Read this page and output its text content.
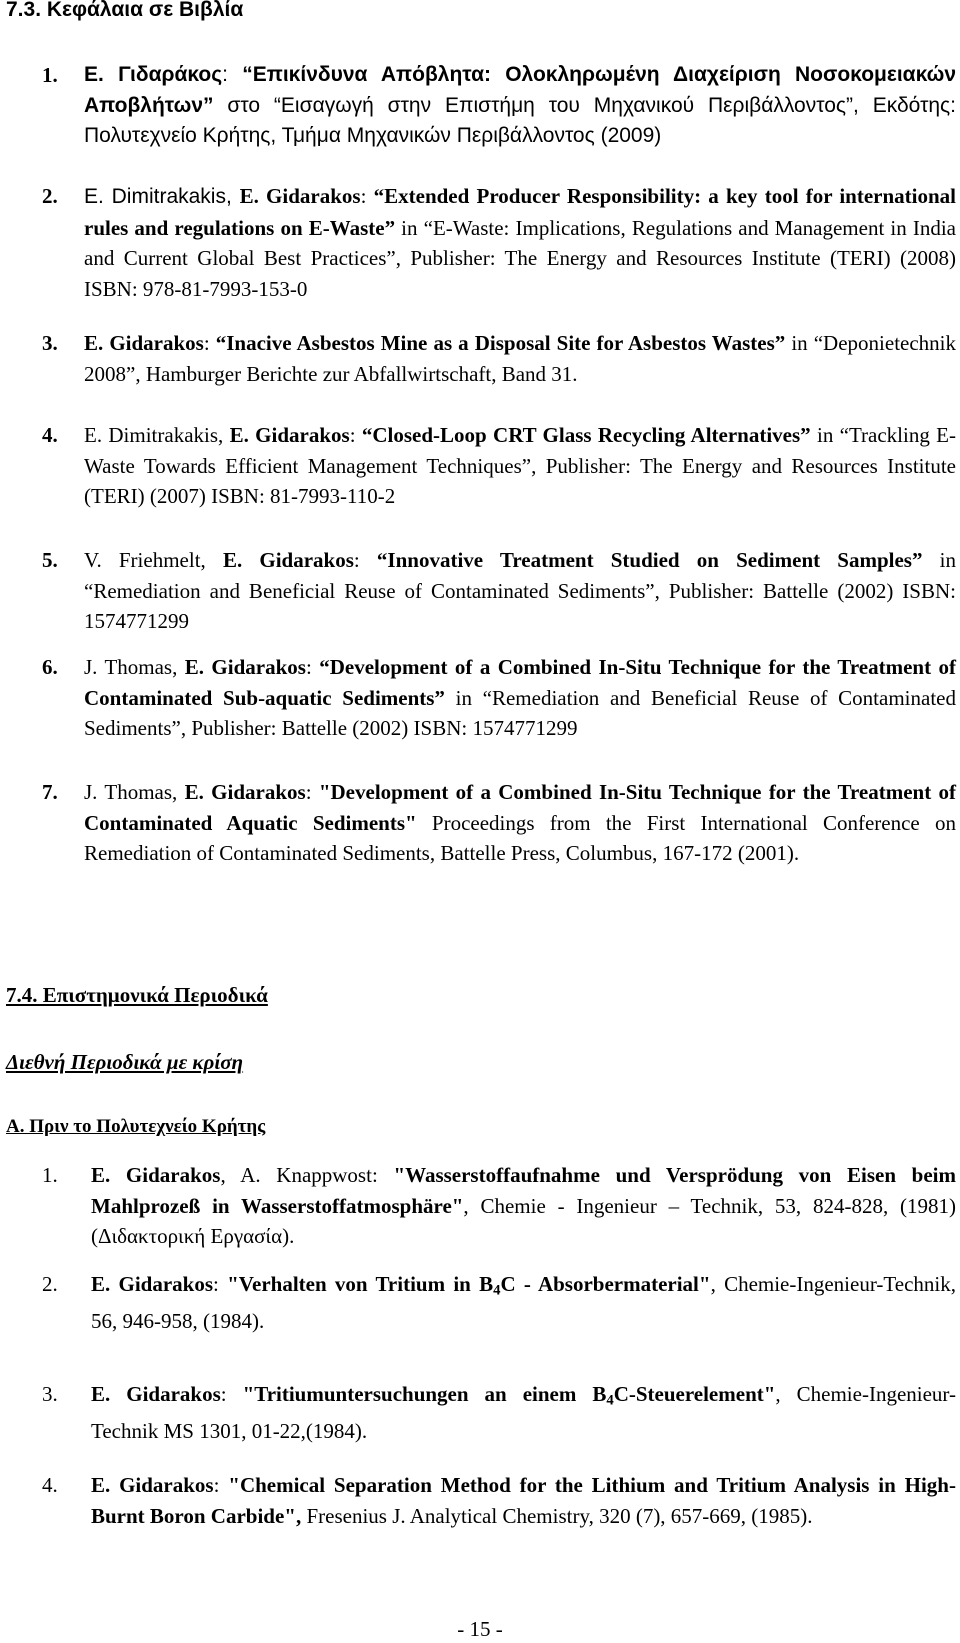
7.3. Κεφάλαια σε Βιβλία
1.	Ε. Γιδαράκος: “Επικίνδυνα Απόβλητα: Ολοκληρωμένη Διαχείριση Νοσοκομειακών Αποβλήτων” στο “Εισαγωγή στην Επιστήμη του Μηχανικού Περιβάλλοντος”, Εκδότης: Πολυτεχνείο Κρήτης, Τμήμα Μηχανικών Περιβάλλοντος (2009)
2.	E. Dimitrakakis, E. Gidarakos: “Extended Producer Responsibility: a key tool for international rules and regulations on E-Waste” in “E-Waste: Implications, Regulations and Management in India and Current Global Best Practices”, Publisher: The Energy and Resources Institute (TERI) (2008) ISBN: 978-81-7993-153-0
3.	E. Gidarakos: “Inacive Asbestos Mine as a Disposal Site for Asbestos Wastes” in “Deponietechnik 2008”, Hamburger Berichte zur Abfallwirtschaft, Band 31.
4.	E. Dimitrakakis, E. Gidarakos: “Closed-Loop CRT Glass Recycling Alternatives” in “Trackling E-Waste Towards Efficient Management Techniques”, Publisher: The Energy and Resources Institute (TERI) (2007) ISBN: 81-7993-110-2
5.	V. Friehmelt, E. Gidarakos: “Innovative Treatment Studied on Sediment Samples” in “Remediation and Beneficial Reuse of Contaminated Sediments”, Publisher: Battelle (2002) ISBN: 1574771299
6.	J. Thomas, E. Gidarakos: “Development of a Combined In-Situ Technique for the Treatment of Contaminated Sub-aquatic Sediments” in “Remediation and Beneficial Reuse of Contaminated Sediments”, Publisher: Battelle (2002) ISBN: 1574771299
7.	J. Thomas, E. Gidarakos: "Development of a Combined In-Situ Technique for the Treatment of Contaminated Aquatic Sediments" Proceedings from the First International Conference on Remediation of Contaminated Sediments, Battelle Press, Columbus, 167-172 (2001).
7.4. Επιστημονικά Περιοδικά
Διεθνή Περιοδικά με κρίση
Α. Πριν το Πολυτεχνείο Κρήτης
1.	E. Gidarakos, A. Knappwost: "Wasserstoffaufnahme und Versprödung von Eisen beim Mahlprozeß in Wasserstoffatmosphäre", Chemie - Ingenieur – Technik, 53, 824-828, (1981) (Διδακτορική Εργασία).
2.	E. Gidarakos: "Verhalten von Tritium in $B_4C$ - Absorbermaterial", Chemie-Ingenieur-Technik, 56, 946-958, (1984).
3.	E. Gidarakos: "Tritiumuntersuchungen an einem $B_4C$-Steuerelement", Chemie-Ingenieur-Technik MS 1301, 01-22,(1984).
4.	E. Gidarakos: "Chemical Separation Method for the Lithium and Tritium Analysis in High-Burnt Boron Carbide", Fresenius J. Analytical Chemistry, 320 (7), 657-669, (1985).
- 15 -
